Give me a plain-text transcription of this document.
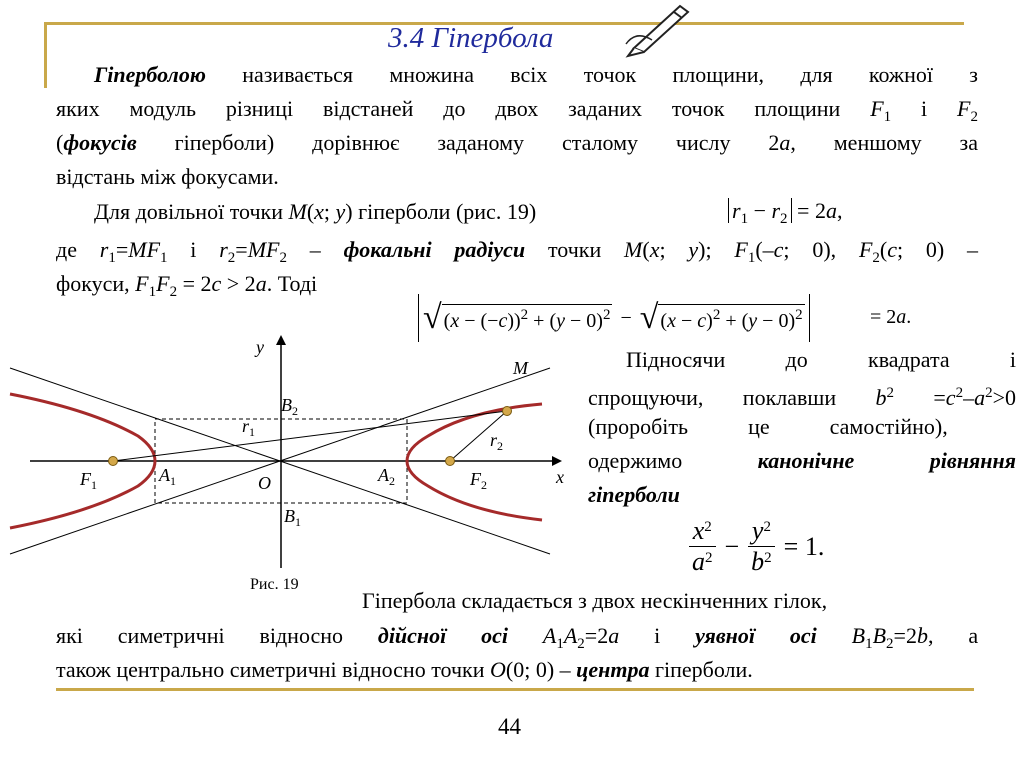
3.4 Гіпербола
Гіперболою називається множина всіх точок площини, для кожної з
яких модуль різниці відстаней до двох заданих точок площини $F_1$ і $F_2$
(фокусів гіперболи) дорівнює заданому сталому числу 2a, меншому за
відстань між фокусами.
Для довільної точки M(x; y) гіперболи (рис. 19)	$r_1 - r_2 = 2a$,
де $r_1=MF_1$ і $r_2=MF_2$ – фокальні радіуси точки M(x; y); $F_1(-c$; 0), $F_2(c$; 0) –
фокуси, $F_1F_2 = 2c > 2a$. Тоді
√ $(x - (-c))^2 + (y - 0)^2$ − √ $(x - c)^2 + (y - 0)^2$	= 2a.
y
M
x
$B_2$
$r_1$	$r_2$
$F_1$	$A_1$	$A_2$	$F_2$
$B_1$
O
Рис. 19
Підносячи до квадрата і
спрощуючи, поклавши $b^2 =c^2-a^2>0$
(проробіть	це	самостійно),
одержимо	канонічне рівняння
гіперболи
$x^2$
$a^2 - \frac{y^2}{b^2} = 1$.
Гіпербола складається з двох нескінченних гілок,
які симетричні відносно дійсної осі $A_1A_2=2a$ і уявної осі $B_1B_2=2b$, а
також центрально симетричні відносно точки O(0; 0) – центра гіперболи.
44
